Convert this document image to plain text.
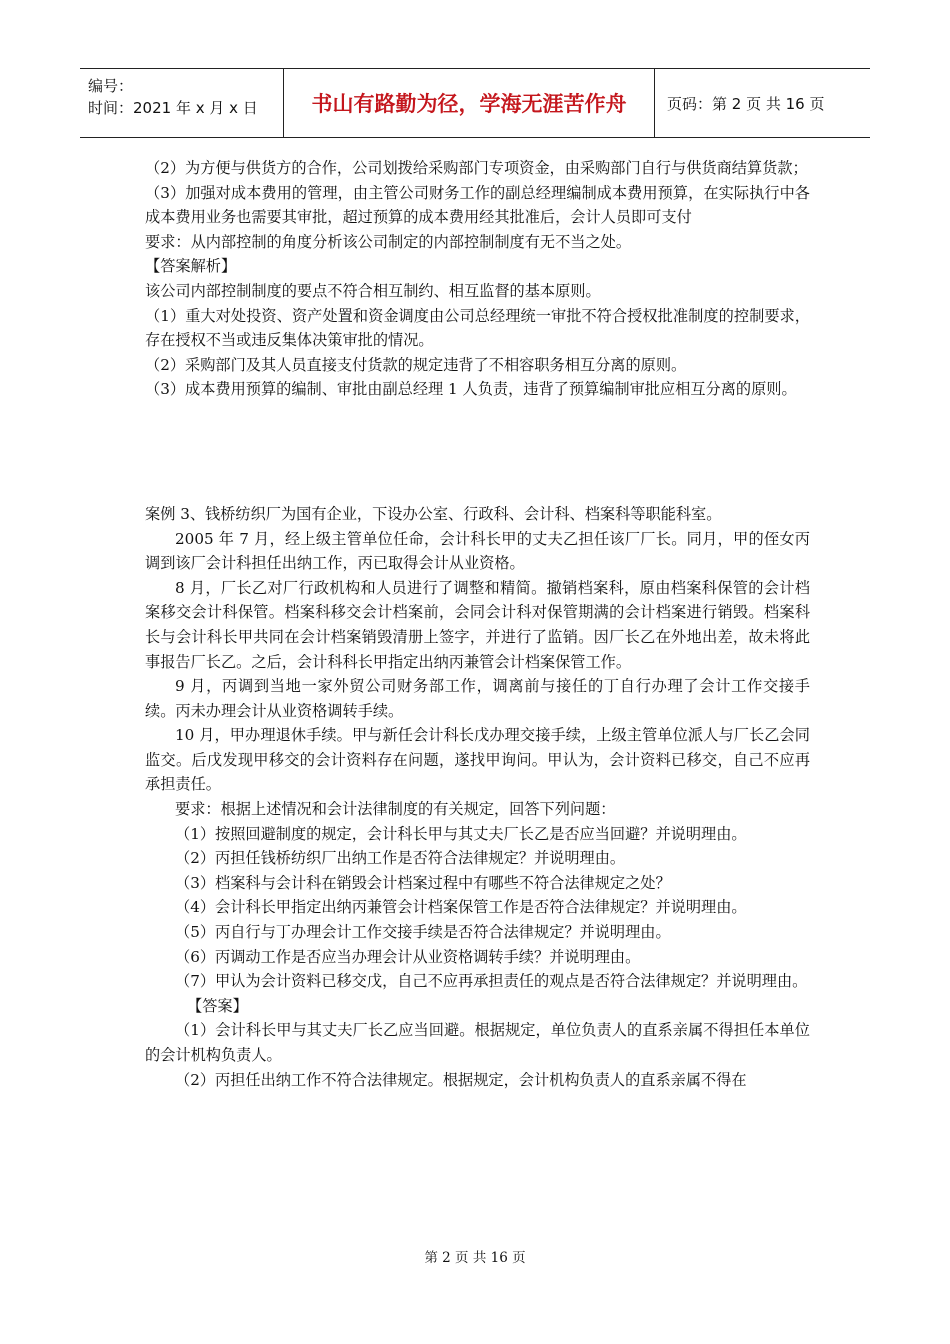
编号：
时间：2021 年 x 月 x 日	书山有路勤为径，学海无涯苦作舟	页码：第 2 页 共 16 页

（2）为方便与供货方的合作，公司划拨给采购部门专项资金，由采购部门自行与供货商结算货款；

（3）加强对成本费用的管理，由主管公司财务工作的副总经理编制成本费用预算，在实际执行中各成本费用业务也需要其审批，超过预算的成本费用经其批准后，会计人员即可支付

要求：从内部控制的角度分析该公司制定的内部控制制度有无不当之处。

【答案解析】

该公司内部控制制度的要点不符合相互制约、相互监督的基本原则。

（1）重大对处投资、资产处置和资金调度由公司总经理统一审批不符合授权批准制度的控制要求，存在授权不当或违反集体决策审批的情况。

（2）采购部门及其人员直接支付货款的规定违背了不相容职务相互分离的原则。

（3）成本费用预算的编制、审批由副总经理 1 人负责，违背了预算编制审批应相互分离的原则。

案例 3、钱桥纺织厂为国有企业，下设办公室、行政科、会计科、档案科等职能科室。

2005 年 7 月，经上级主管单位任命，会计科长甲的丈夫乙担任该厂厂长。同月，甲的侄女丙调到该厂会计科担任出纳工作，丙已取得会计从业资格。

8 月，厂长乙对厂行政机构和人员进行了调整和精简。撤销档案科，原由档案科保管的会计档案移交会计科保管。档案科移交会计档案前，会同会计科对保管期满的会计档案进行销毁。档案科长与会计科长甲共同在会计档案销毁清册上签字，并进行了监销。因厂长乙在外地出差，故未将此事报告厂长乙。之后，会计科科长甲指定出纳丙兼管会计档案保管工作。

9 月，丙调到当地一家外贸公司财务部工作，调离前与接任的丁自行办理了会计工作交接手续。丙未办理会计从业资格调转手续。

10 月，甲办理退休手续。甲与新任会计科长戊办理交接手续，上级主管单位派人与厂长乙会同监交。后戊发现甲移交的会计资料存在问题，遂找甲询问。甲认为，会计资料已移交，自己不应再承担责任。

要求：根据上述情况和会计法律制度的有关规定，回答下列问题：

（1）按照回避制度的规定，会计科长甲与其丈夫厂长乙是否应当回避？并说明理由。

（2）丙担任钱桥纺织厂出纳工作是否符合法律规定？并说明理由。

（3）档案科与会计科在销毁会计档案过程中有哪些不符合法律规定之处？

（4）会计科长甲指定出纳丙兼管会计档案保管工作是否符合法律规定？并说明理由。

（5）丙自行与丁办理会计工作交接手续是否符合法律规定？并说明理由。

（6）丙调动工作是否应当办理会计从业资格调转手续？并说明理由。

（7）甲认为会计资料已移交戊，自己不应再承担责任的观点是否符合法律规定？并说明理由。

【答案】

（1）会计科长甲与其丈夫厂长乙应当回避。根据规定，单位负责人的直系亲属不得担任本单位的会计机构负责人。

（2）丙担任出纳工作不符合法律规定。根据规定，会计机构负责人的直系亲属不得在

第 2 页 共 16 页
